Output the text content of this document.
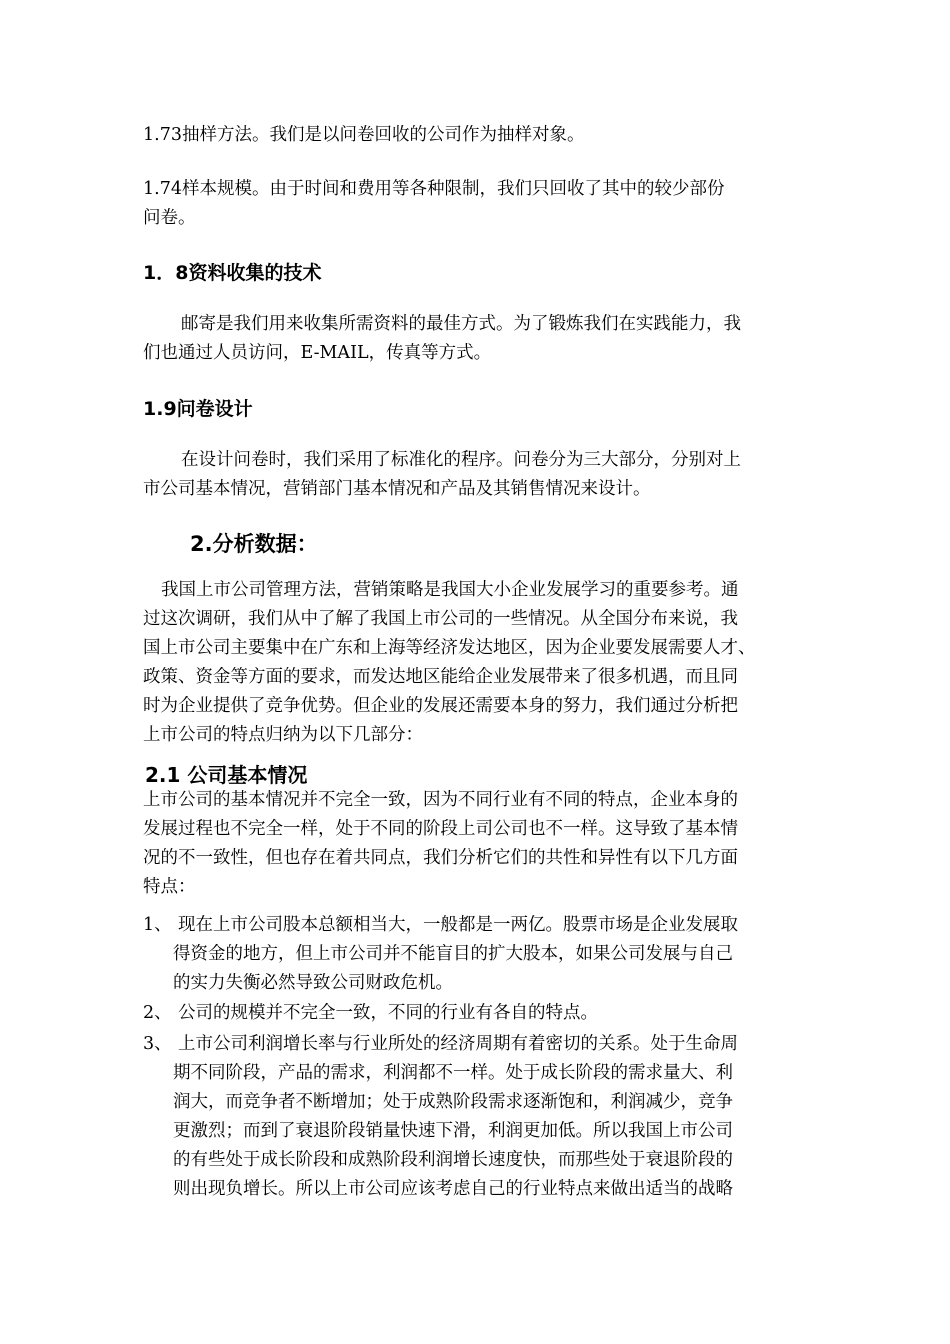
1.73抽样方法。我们是以问卷回收的公司作为抽样对象。
1.74样本规模。由于时间和费用等各种限制，我们只回收了其中的较少部份
问卷。
1．8资料收集的技术
邮寄是我们用来收集所需资料的最佳方式。为了锻炼我们在实践能力，我
们也通过人员访问，E-MAIL，传真等方式。
1.9问卷设计
在设计问卷时，我们采用了标准化的程序。问卷分为三大部分，分别对上
市公司基本情况，营销部门基本情况和产品及其销售情况来设计。
2.分析数据：
我国上市公司管理方法，营销策略是我国大小企业发展学习的重要参考。通
过这次调研，我们从中了解了我国上市公司的一些情况。从全国分布来说，我
国上市公司主要集中在广东和上海等经济发达地区，因为企业要发展需要人才、
政策、资金等方面的要求，而发达地区能给企业发展带来了很多机遇，而且同
时为企业提供了竞争优势。但企业的发展还需要本身的努力，我们通过分析把
上市公司的特点归纳为以下几部分：
2.1 公司基本情况
上市公司的基本情况并不完全一致，因为不同行业有不同的特点，企业本身的
发展过程也不完全一样，处于不同的阶段上司公司也不一样。这导致了基本情
况的不一致性，但也存在着共同点，我们分析它们的共性和异性有以下几方面
特点：
1、 现在上市公司股本总额相当大，一般都是一两亿。股票市场是企业发展取
得资金的地方，但上市公司并不能盲目的扩大股本，如果公司发展与自己
的实力失衡必然导致公司财政危机。
2、 公司的规模并不完全一致，不同的行业有各自的特点。
3、 上市公司利润增长率与行业所处的经济周期有着密切的关系。处于生命周
期不同阶段，产品的需求，利润都不一样。处于成长阶段的需求量大、利
润大，而竞争者不断增加；处于成熟阶段需求逐渐饱和，利润减少，竞争
更激烈；而到了衰退阶段销量快速下滑，利润更加低。所以我国上市公司
的有些处于成长阶段和成熟阶段利润增长速度快，而那些处于衰退阶段的
则出现负增长。所以上市公司应该考虑自己的行业特点来做出适当的战略
